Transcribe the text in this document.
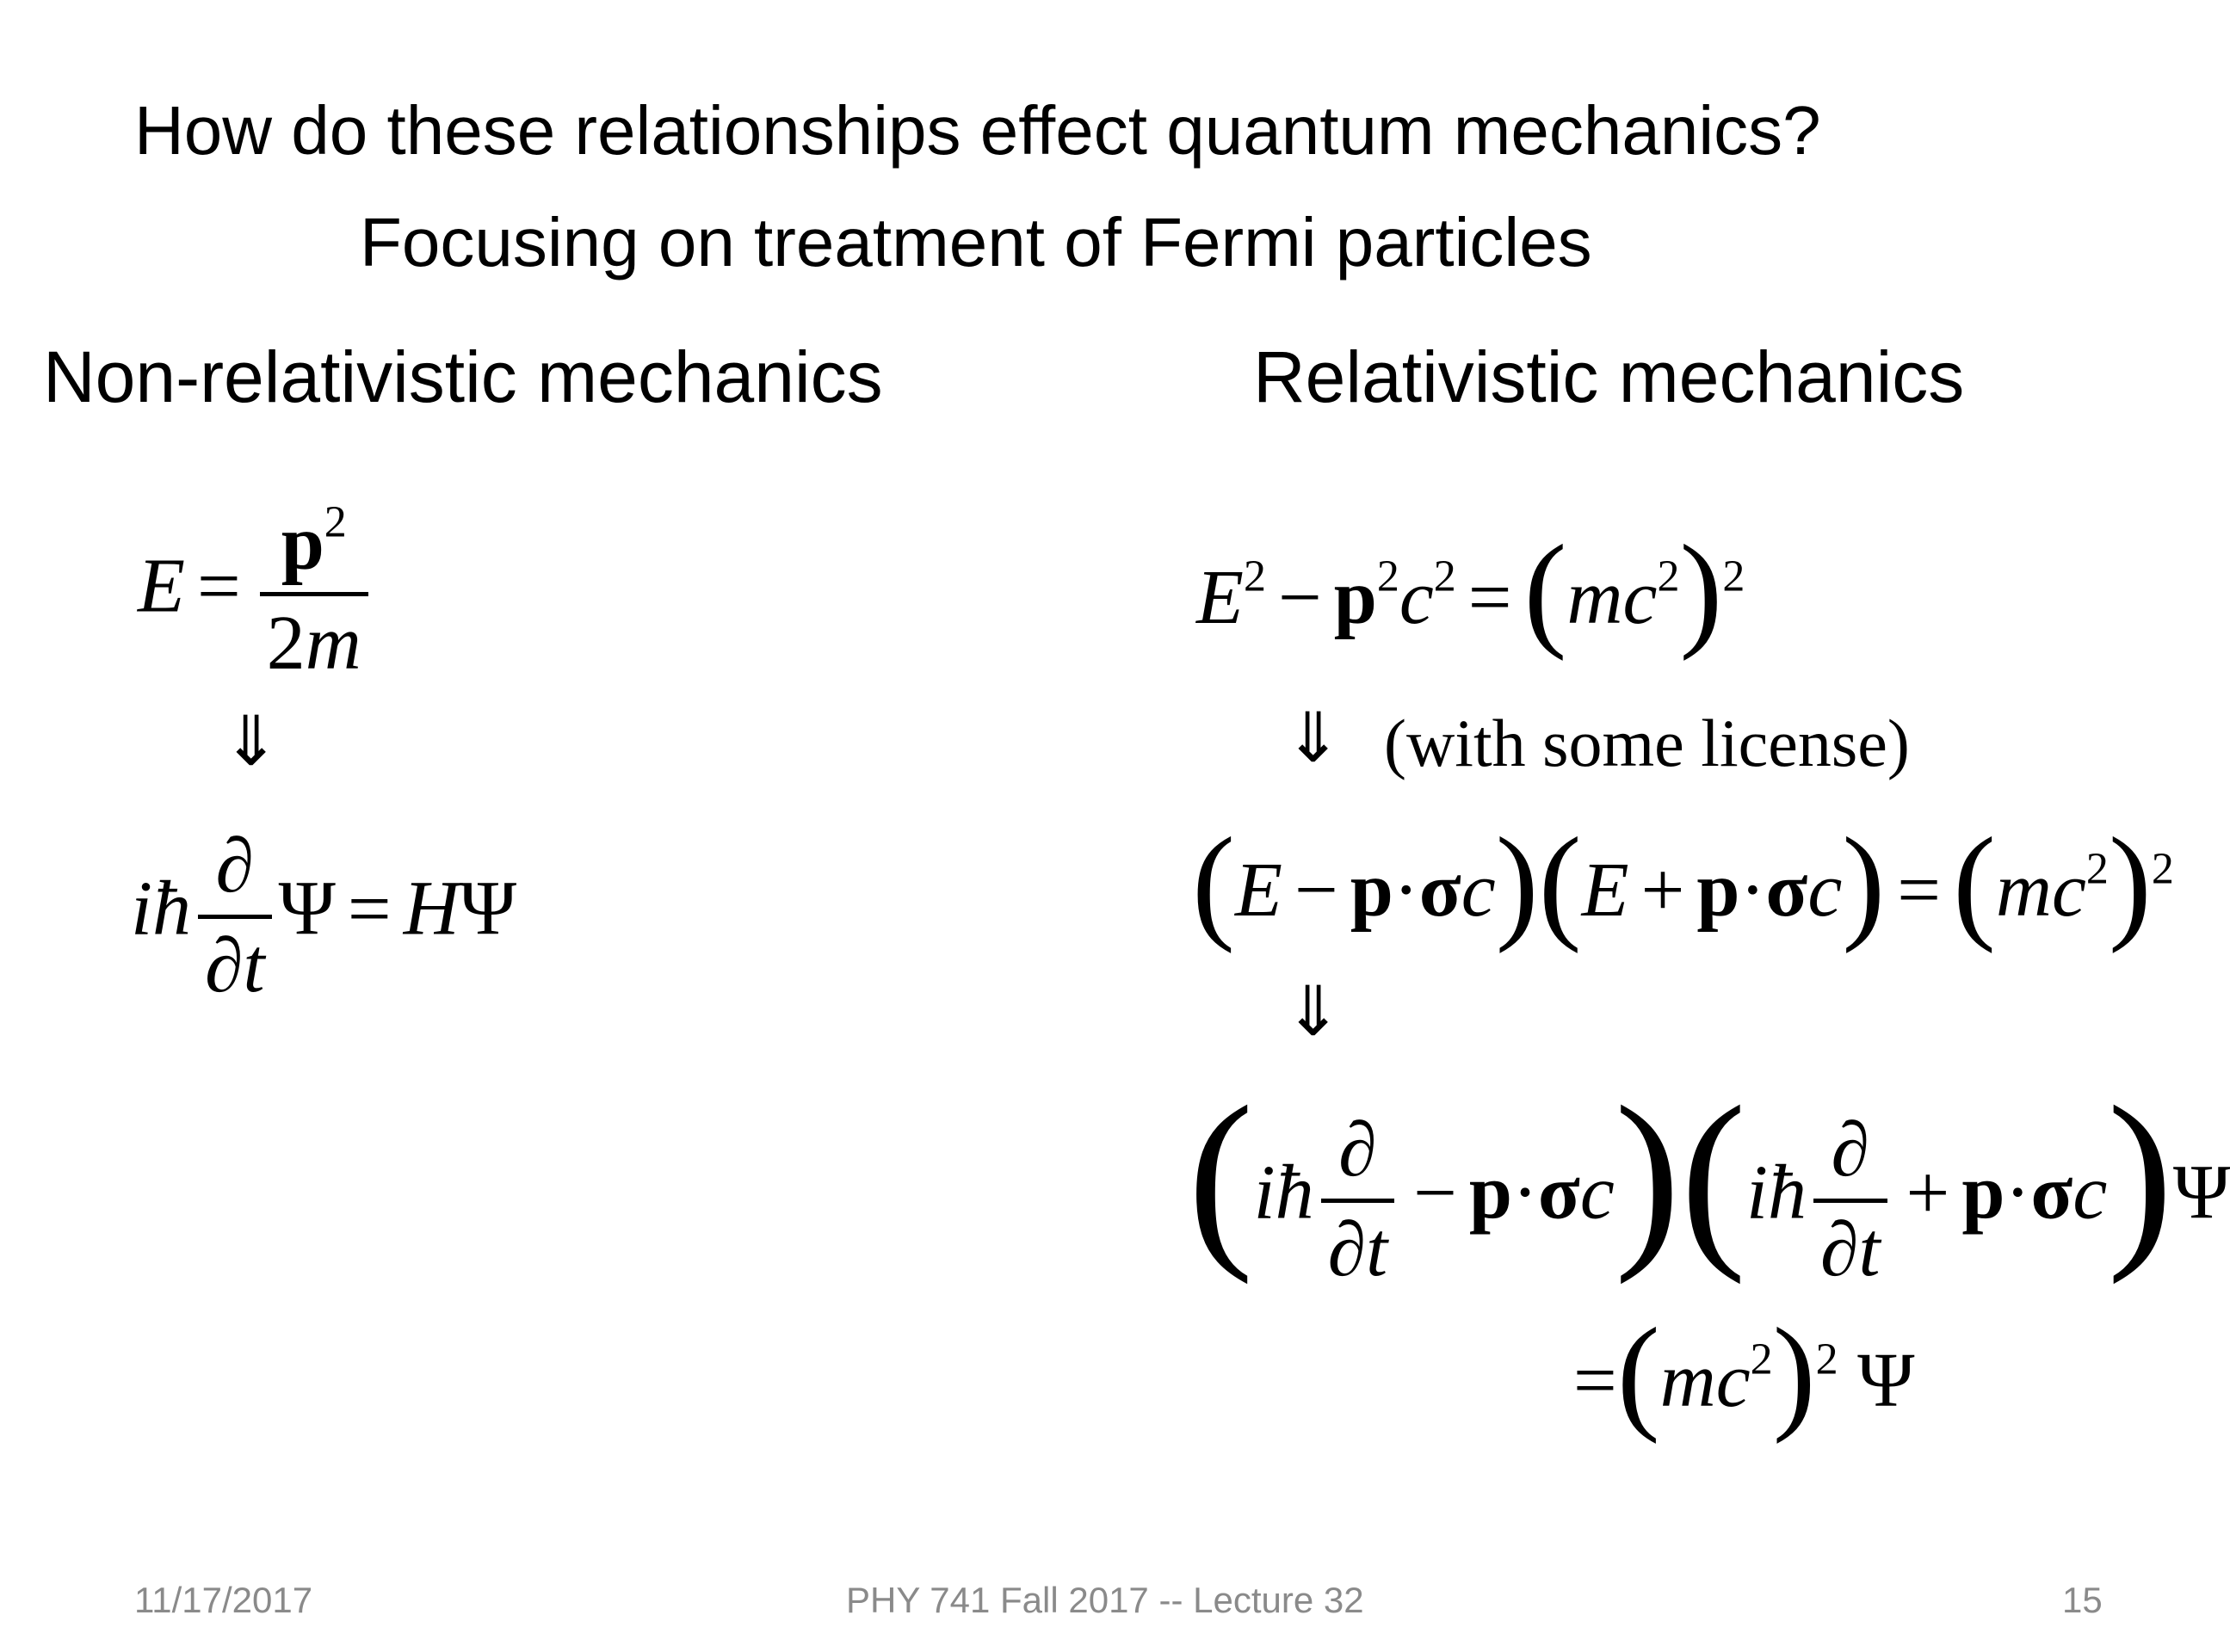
How do these relationships effect quantum mechanics?
Focusing on treatment of Fermi particles
Non-relativistic mechanics	Relativistic mechanics
$E = \frac{p^2}{2m}$
⇓
iħ $\frac{\partial}{\partial t}$ Ψ = HΨ
$E^2 - p^2c^2 =(mc^2)^2$
⇓ (with some license)
$(E - p\cdot\sigma c)(E + p\cdot\sigma c) =(mc^2)^2$
⇓
(iħ $\frac{\partial}{\partial t}$ − p·σc)(iħ $\frac{\partial}{\partial t} + p\cdot\sigma c)\Psi$
$=(mc^2)^2$ Ψ
11/17/2017	PHY 741 Fall 2017 -- Lecture 32	15
